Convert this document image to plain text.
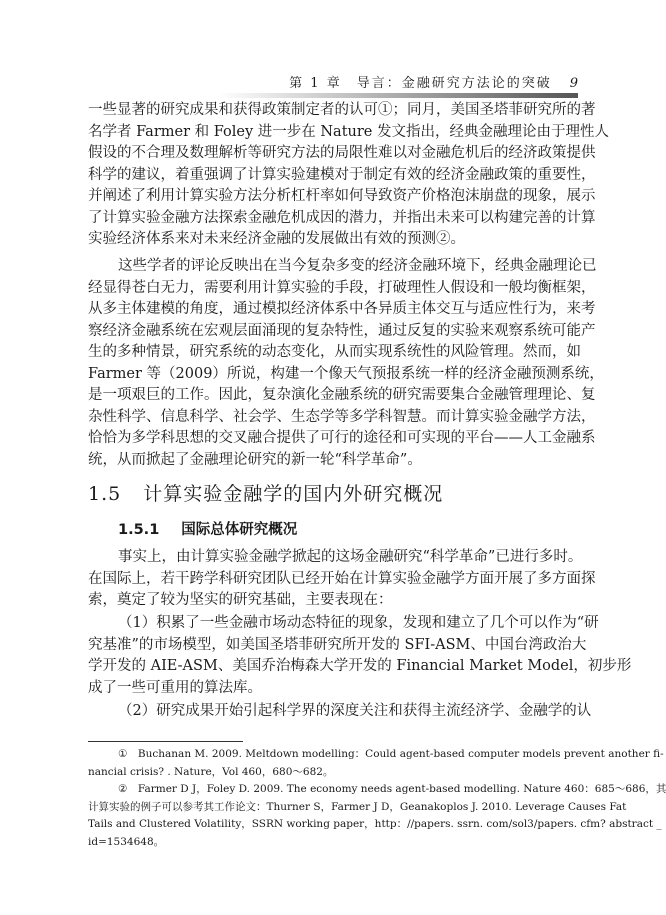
第 1 章　导言：金融研究方法论的突破 9
一些显著的研究成果和获得政策制定者的认可①；同月，美国圣塔菲研究所的著
名学者 Farmer 和 Foley 进一步在 Nature 发文指出，经典金融理论由于理性人
假设的不合理及数理解析等研究方法的局限性难以对金融危机后的经济政策提供
科学的建议，着重强调了计算实验建模对于制定有效的经济金融政策的重要性，
并阐述了利用计算实验方法分析杠杆率如何导致资产价格泡沫崩盘的现象，展示
了计算实验金融方法探索金融危机成因的潜力，并指出未来可以构建完善的计算
实验经济体系来对未来经济金融的发展做出有效的预测②。
这些学者的评论反映出在当今复杂多变的经济金融环境下，经典金融理论已
经显得苍白无力，需要利用计算实验的手段，打破理性人假设和一般均衡框架，
从多主体建模的角度，通过模拟经济体系中各异质主体交互与适应性行为，来考
察经济金融系统在宏观层面涌现的复杂特性，通过反复的实验来观察系统可能产
生的多种情景，研究系统的动态变化，从而实现系统性的风险管理。然而，如
Farmer 等（2009）所说，构建一个像天气预报系统一样的经济金融预测系统，
是一项艰巨的工作。因此，复杂演化金融系统的研究需要集合金融管理理论、复
杂性科学、信息科学、社会学、生态学等多学科智慧。而计算实验金融学方法，
恰恰为多学科思想的交叉融合提供了可行的途径和可实现的平台——人工金融系
统，从而掀起了金融理论研究的新一轮“科学革命”。
1.5 计算实验金融学的国内外研究概况
1.5.1 国际总体研究概况
事实上，由计算实验金融学掀起的这场金融研究“科学革命”已进行多时。
在国际上，若干跨学科研究团队已经开始在计算实验金融学方面开展了多方面探
索，奠定了较为坚实的研究基础，主要表现在：
（1）积累了一些金融市场动态特征的现象，发现和建立了几个可以作为“研
究基准”的市场模型，如美国圣塔菲研究所开发的 SFI-ASM、中国台湾政治大
学开发的 AIE-ASM、美国乔治梅森大学开发的 Financial Market Model，初步形
成了一些可重用的算法库。
（2）研究成果开始引起科学界的深度关注和获得主流经济学、金融学的认
①　Buchanan M. 2009. Meltdown modelling：Could agent-based computer models prevent another fi-
nancial crisis? . Nature，Vol 460，680～682。
②　Farmer D J，Foley D. 2009. The economy needs agent-based modelling. Nature 460：685～686，其
计算实验的例子可以参考其工作论文：Thurner S，Farmer J D，Geanakoplos J. 2010. Leverage Causes Fat
Tails and Clustered Volatility，SSRN working paper，http：//papers. ssrn. com/sol3/papers. cfm? abstract _
id=1534648。
